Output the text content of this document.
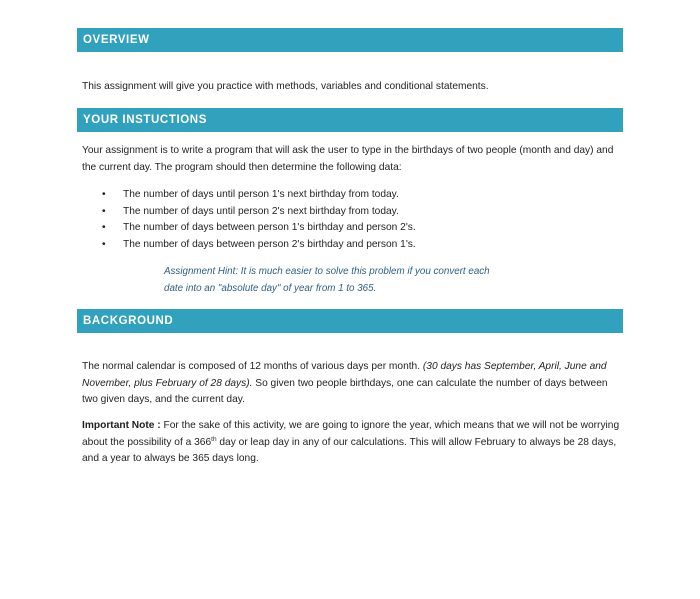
OVERVIEW

This assignment will give you practice with methods, variables and conditional statements.

YOUR INSTUCTIONS

Your assignment is to write a program that will ask the user to type in the birthdays of two people (month and day) and the current day. The program should then determine the following data:

• The number of days until person 1's next birthday from today.
• The number of days until person 2's next birthday from today.
• The number of days between person 1's birthday and person 2's.
• The number of days between person 2's birthday and person 1's.
Assignment Hint: It is much easier to solve this problem if you convert each
date into an "absolute day" of year from 1 to 365.
BACKGROUND

The normal calendar is composed of 12 months of various days per month. (30 days has September, April, June and November, plus February of 28 days). So given two people birthdays, one can calculate the number of days between two given days, and the current day.

Important Note : For the sake of this activity, we are going to ignore the year, which means that we will not be worrying about the possibility of a 366th day or leap day in any of our calculations. This will allow February to always be 28 days, and a year to always be 365 days long.
